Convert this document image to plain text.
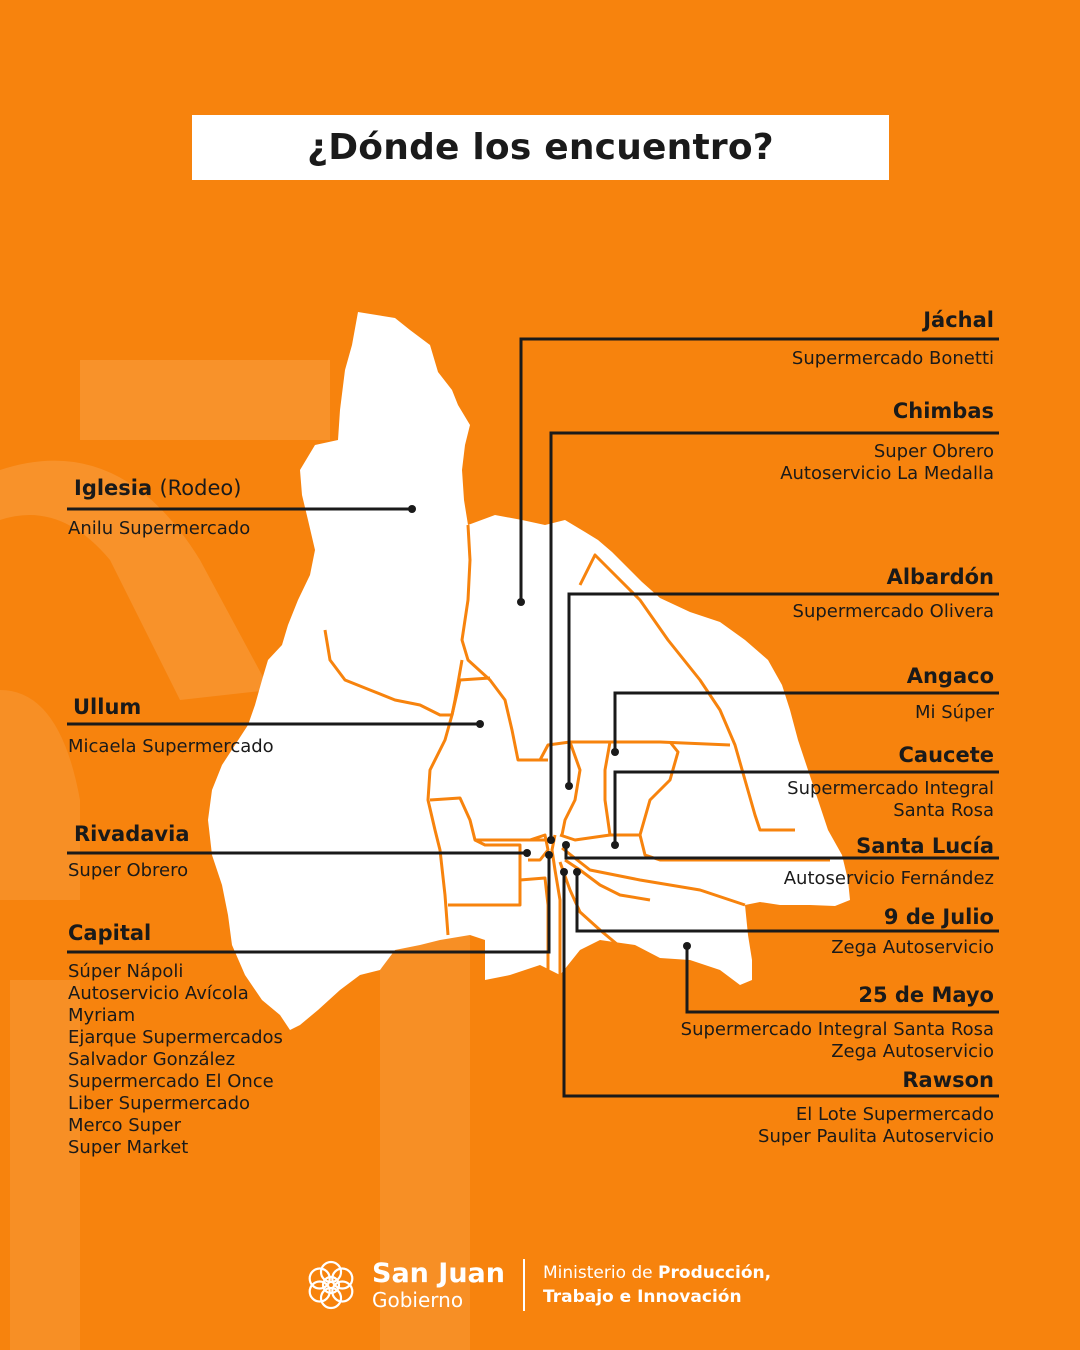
¿Dónde los encuentro?
Jáchal
Supermercado Bonetti
Chimbas
Super Obrero
Autoservicio La Medalla
Albardón
Supermercado Olivera
Angaco
Mi Súper
Caucete
Supermercado Integral
Santa Rosa
Santa Lucía
Autoservicio Fernández
9 de Julio
Zega Autoservicio
25 de Mayo
Supermercado Integral Santa Rosa
Zega Autoservicio
Rawson
El Lote Supermercado
Super Paulita Autoservicio
Iglesia (Rodeo)
Anilu Supermercado
Ullum
Micaela Supermercado
Rivadavia
Super Obrero
Capital
Súper Nápoli
Autoservicio Avícola
Myriam
Ejarque Supermercados
Salvador González
Supermercado El Once
Liber Supermercado
Merco Super
Super Market
San Juan
Gobierno
Ministerio de Producción,
Trabajo e Innovación
